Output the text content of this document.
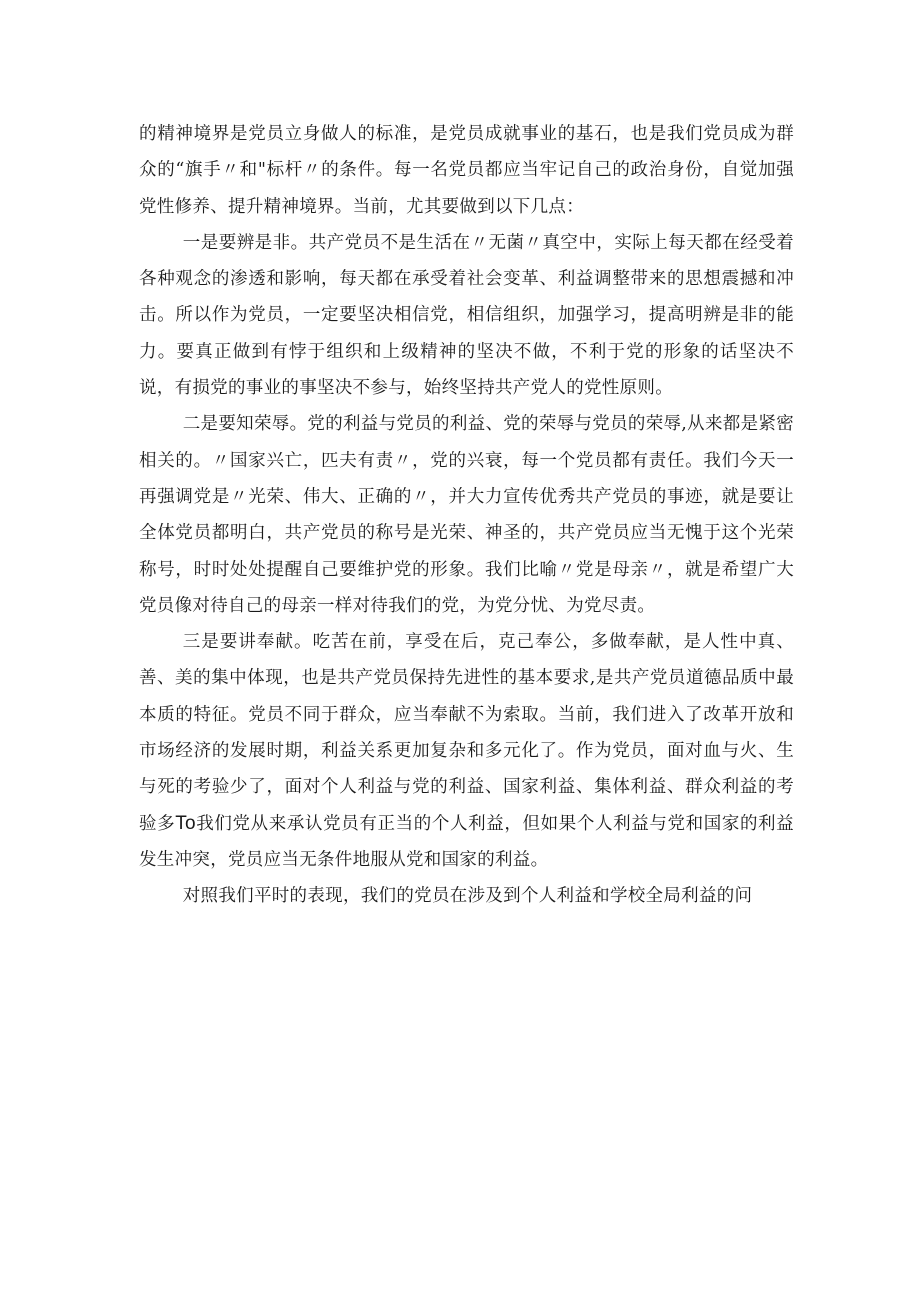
的精神境界是党员立身做人的标准，是党员成就事业的基石，也是我们党员成为群众的“旗手〃和"标杆〃的条件。每一名党员都应当牢记自己的政治身份，自觉加强党性修养、提升精神境界。当前，尤其要做到以下几点：

一是要辨是非。共产党员不是生活在〃无菌〃真空中，实际上每天都在经受着各种观念的渗透和影响，每天都在承受着社会变革、利益调整带来的思想震撼和冲击。所以作为党员，一定要坚决相信党，相信组织，加强学习，提高明辨是非的能力。要真正做到有悖于组织和上级精神的坚决不做，不利于党的形象的话坚决不说，有损党的事业的事坚决不参与，始终坚持共产党人的党性原则。

二是要知荣辱。党的利益与党员的利益、党的荣辱与党员的荣辱,从来都是紧密相关的。〃国家兴亡，匹夫有责〃，党的兴衰，每一个党员都有责任。我们今天一再强调党是〃光荣、伟大、正确的〃，并大力宣传优秀共产党员的事迹，就是要让全体党员都明白，共产党员的称号是光荣、神圣的，共产党员应当无愧于这个光荣称号，时时处处提醒自己要维护党的形象。我们比喻〃党是母亲〃，就是希望广大党员像对待自己的母亲一样对待我们的党，为党分忧、为党尽责。

三是要讲奉献。吃苦在前，享受在后，克己奉公，多做奉献，是人性中真、善、美的集中体现，也是共产党员保持先进性的基本要求,是共产党员道德品质中最本质的特征。党员不同于群众，应当奉献不为索取。当前，我们进入了改革开放和市场经济的发展时期，利益关系更加复杂和多元化了。作为党员，面对血与火、生与死的考验少了，面对个人利益与党的利益、国家利益、集体利益、群众利益的考验多To我们党从来承认党员有正当的个人利益，但如果个人利益与党和国家的利益发生冲突，党员应当无条件地服从党和国家的利益。

对照我们平时的表现，我们的党员在涉及到个人利益和学校全局利益的问
